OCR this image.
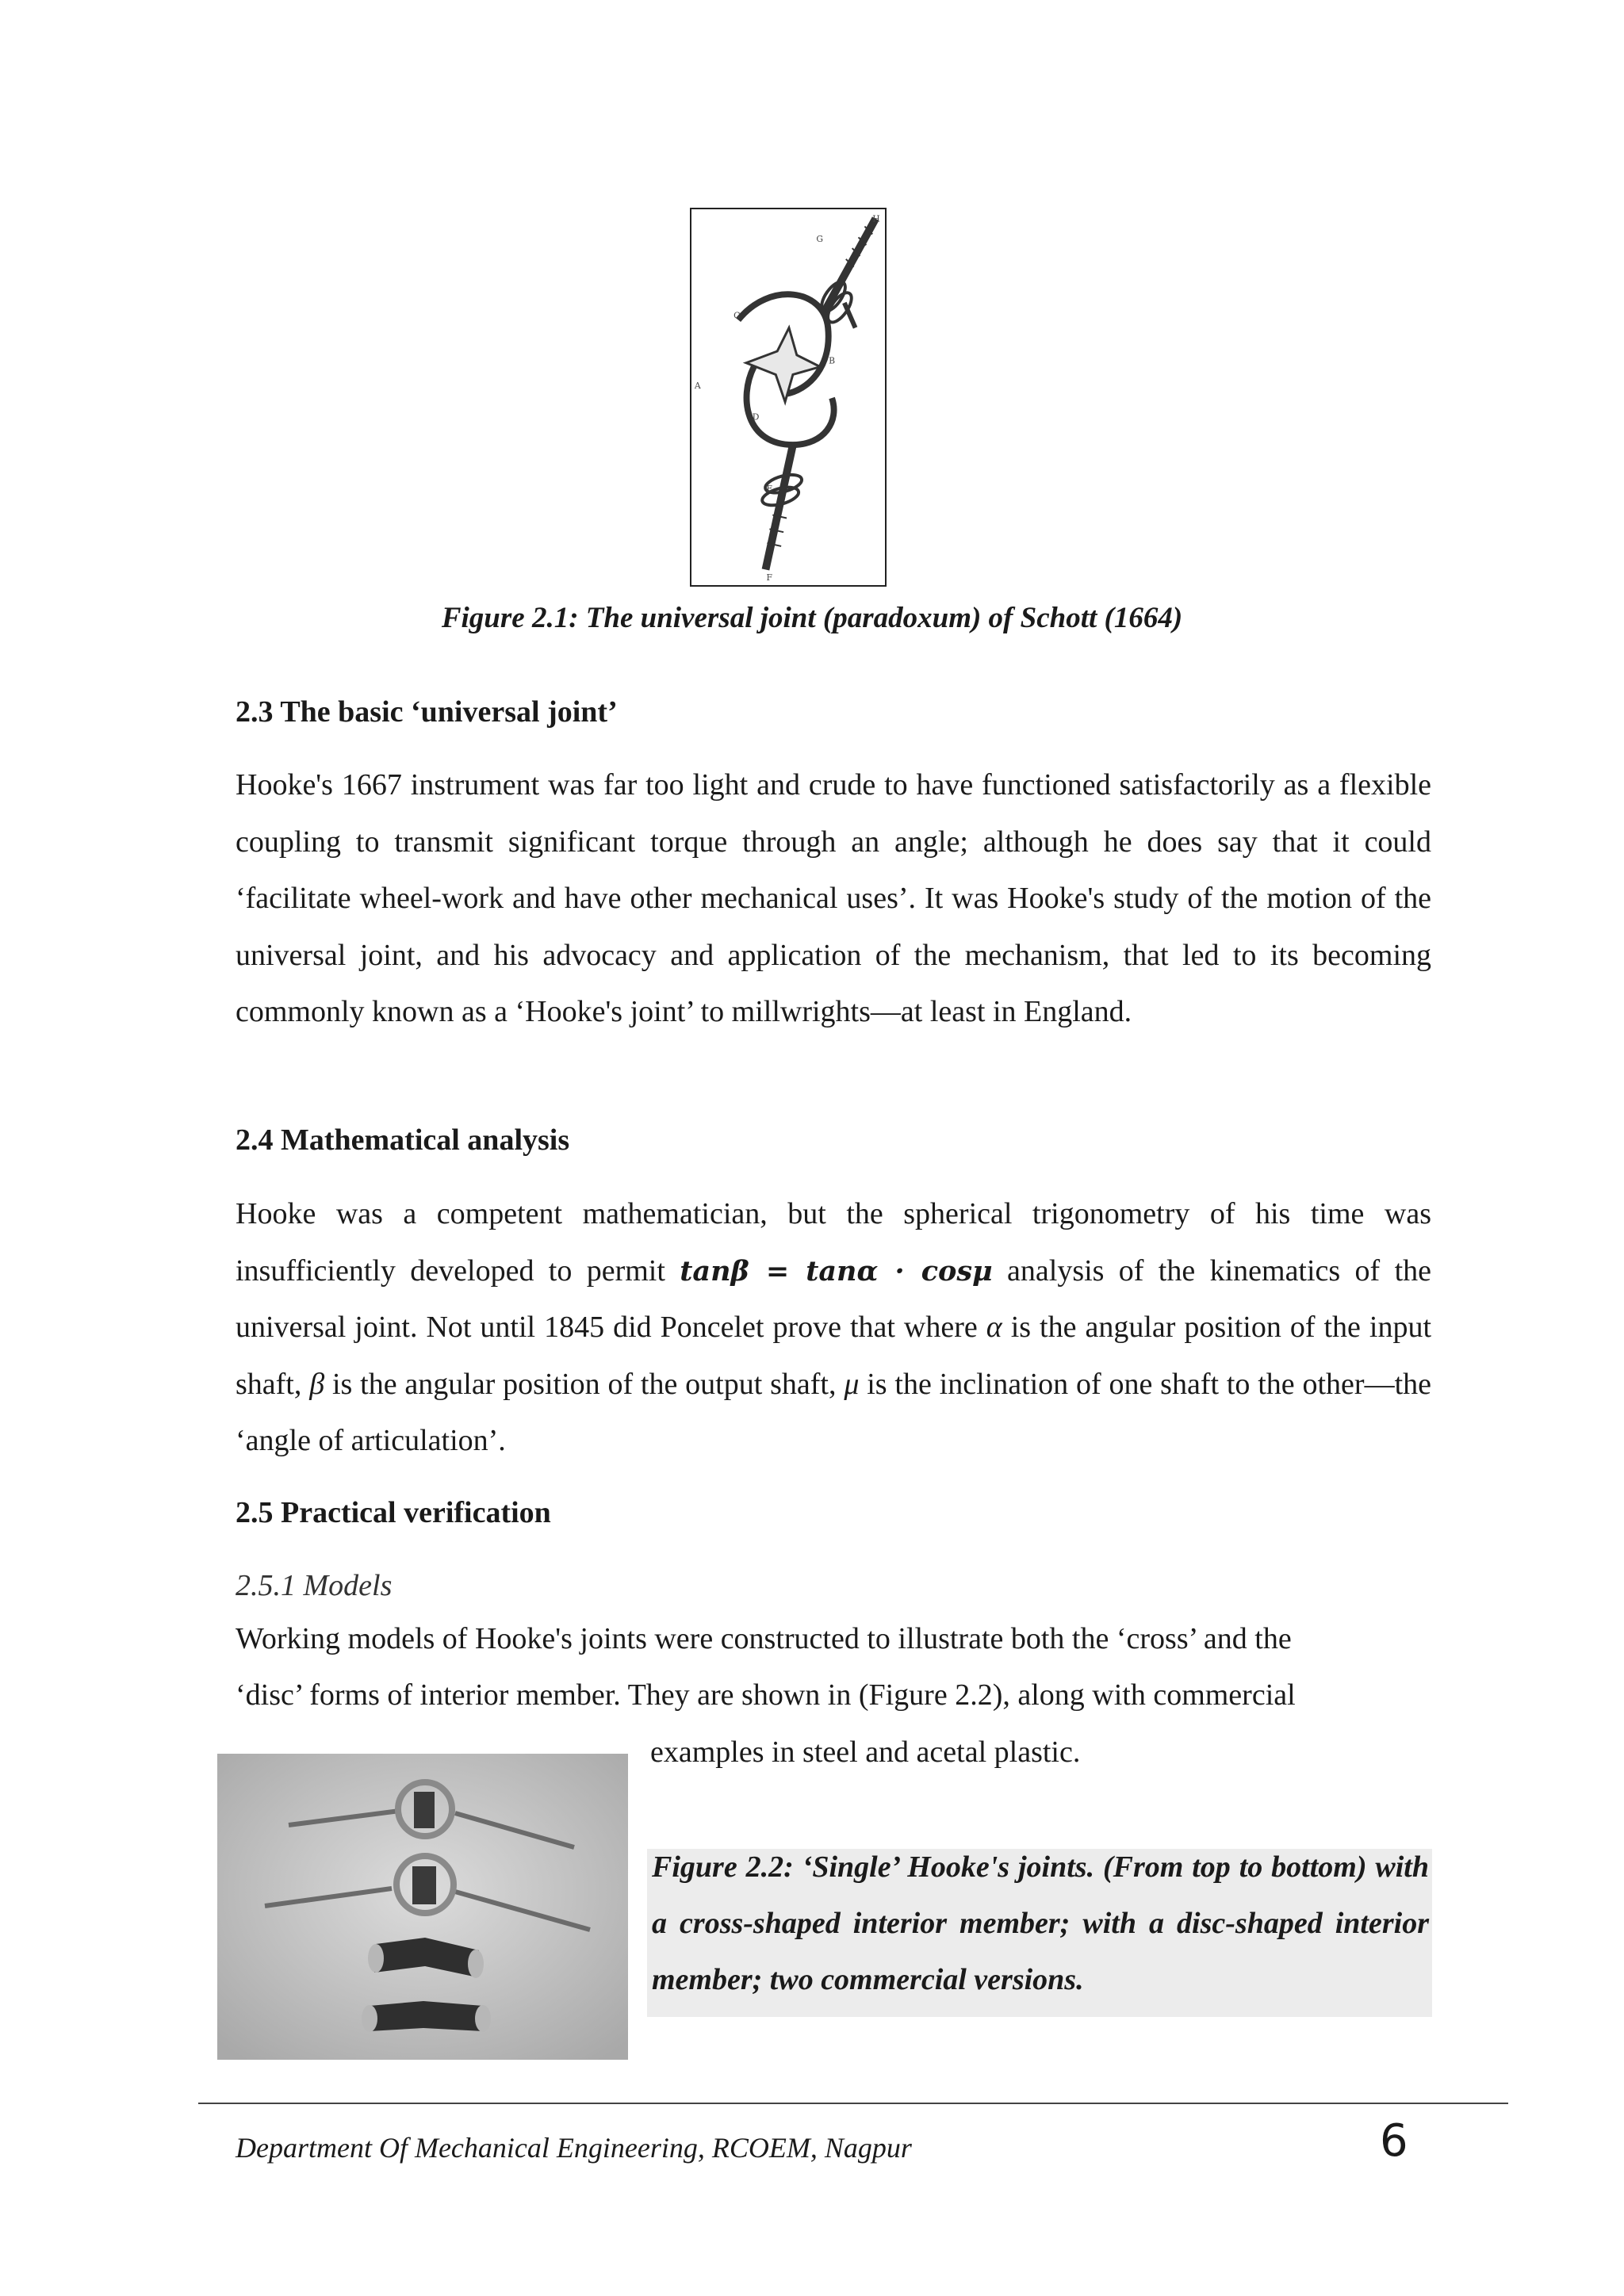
H
G
C
B
A
D
E
F
Figure 2.1: The universal joint (paradoxum) of Schott (1664)
2.3 The basic ‘universal joint’

Hooke's 1667 instrument was far too light and crude to have functioned satisfactorily as a flexible coupling to transmit significant torque through an angle; although he does say that it could ‘facilitate wheel-work and have other mechanical uses’. It was Hooke's study of the motion of the universal joint, and his advocacy and application of the mechanism, that led to its becoming commonly known as a ‘Hooke's joint’ to millwrights—at least in England.

2.4 Mathematical analysis

Hooke was a competent mathematician, but the spherical trigonometry of his time was insufficiently developed to permit tanβ = tanα · cosμ analysis of the kinematics of the universal joint. Not until 1845 did Poncelet prove that where α is the angular position of the input shaft, β is the angular position of the output shaft, μ is the inclination of one shaft to the other—the ‘angle of articulation’.

2.5 Practical verification
2.5.1 Models
Working models of Hooke's joints were constructed to illustrate both the ‘cross’ and the
‘disc’ forms of interior member. They are shown in (Figure 2.2), along with commercial
examples in steel and acetal plastic.

Figure 2.2: ‘Single’ Hooke's joints. (From top to bottom) with a cross-shaped interior member; with a disc-shaped interior member; two commercial versions.

Department Of Mechanical Engineering, RCOEM, Nagpur	6
